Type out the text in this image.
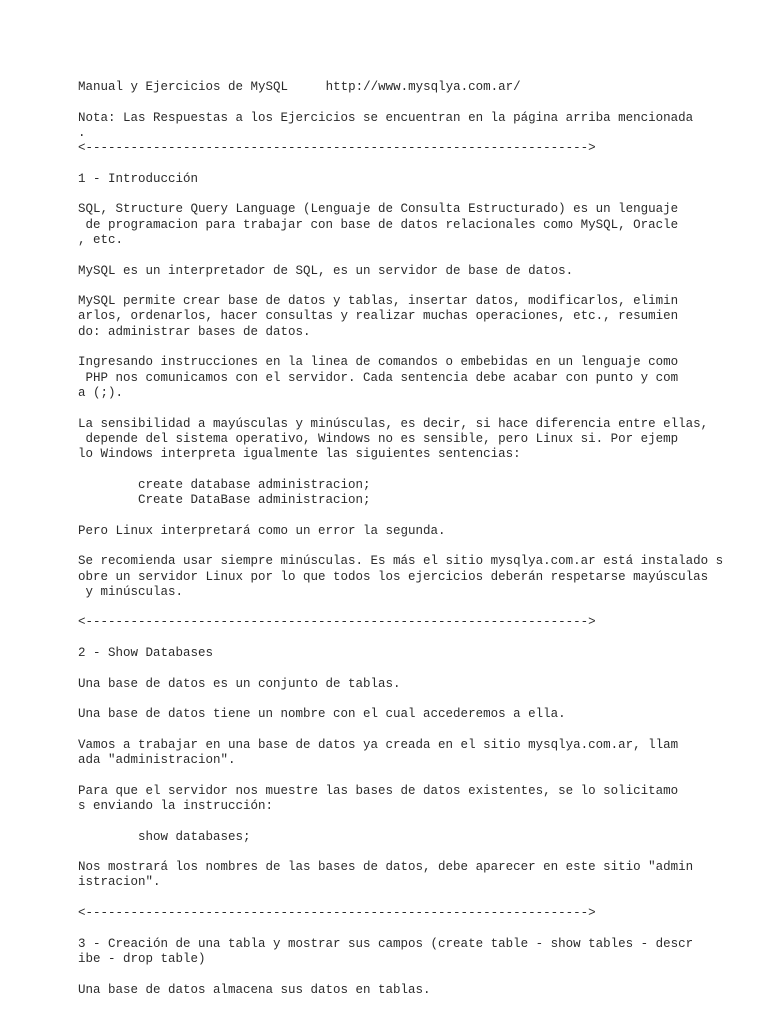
Manual y Ejercicios de MySQL	http://www.mysqlya.com.ar/
Nota: Las Respuestas a los Ejercicios se encuentran en la página arriba mencionada
.
<------------------------------------------------------------------->
1 - Introducción
SQL, Structure Query Language (Lenguaje de Consulta Estructurado) es un lenguaje
de programacion para trabajar con base de datos relacionales como MySQL, Oracle
, etc.
MySQL es un interpretador de SQL, es un servidor de base de datos.
MySQL permite crear base de datos y tablas, insertar datos, modificarlos, elimin
arlos, ordenarlos, hacer consultas y realizar muchas operaciones, etc., resumien
do: administrar bases de datos.
Ingresando instrucciones en la linea de comandos o embebidas en un lenguaje como
PHP nos comunicamos con el servidor. Cada sentencia debe acabar con punto y com
a (;).
La sensibilidad a mayúsculas y minúsculas, es decir, si hace diferencia entre ellas,
depende del sistema operativo, Windows no es sensible, pero Linux si. Por ejemp
lo Windows interpreta igualmente las siguientes sentencias:
create database administracion;
Create DataBase administracion;
Pero Linux interpretará como un error la segunda.
Se recomienda usar siempre minúsculas. Es más el sitio mysqlya.com.ar está instalado s
obre un servidor Linux por lo que todos los ejercicios deberán respetarse mayúsculas
y minúsculas.
<------------------------------------------------------------------->
2 - Show Databases
Una base de datos es un conjunto de tablas.
Una base de datos tiene un nombre con el cual accederemos a ella.
Vamos a trabajar en una base de datos ya creada en el sitio mysqlya.com.ar, llam
ada "administracion".
Para que el servidor nos muestre las bases de datos existentes, se lo solicitamo
s enviando la instrucción:
show databases;
Nos mostrará los nombres de las bases de datos, debe aparecer en este sitio "admin
istracion".
<------------------------------------------------------------------->
3 - Creación de una tabla y mostrar sus campos (create table - show tables - descr
ibe - drop table)
Una base de datos almacena sus datos en tablas.
